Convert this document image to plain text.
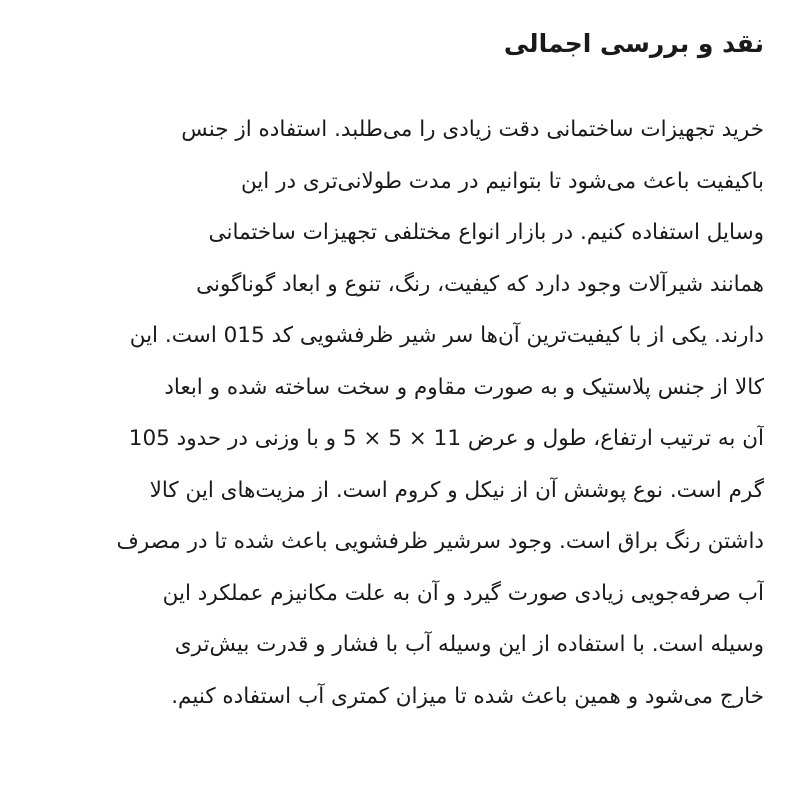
نقد و بررسی اجمالی
خرید تجهیزات ساختمانی دقت زیادی را می‌طلبد. استفاده از جنس
باکیفیت باعث می‌شود تا بتوانیم در مدت طولانی‌تری در این
وسایل استفاده کنیم. در بازار انواع مختلفی تجهیزات ساختمانی
همانند شیرآلات وجود دارد که کیفیت، رنگ، تنوع و ابعاد گوناگونی
دارند. یکی از با کیفیت‌ترین آن‌ها سر شیر ظرفشویی کد 015 است. این
کالا از جنس پلاستیک و به صورت مقاوم و سخت ساخته شده و ابعاد
آن به ترتیب ارتفاع، طول و عرض 11 × 5 × 5 و با وزنی در حدود 105
گرم است. نوع پوشش آن از نیکل و کروم است. از مزیت‌های این کالا
داشتن رنگ براق است. وجود سرشیر ظرفشویی باعث شده تا در مصرف
آب صرفه‌جویی زیادی صورت گیرد و آن به علت مکانیزم عملکرد این
وسیله است. با استفاده از این وسیله آب با فشار و قدرت بیش‌تری
خارج می‌شود و همین باعث شده تا میزان کمتری آب استفاده کنیم.
